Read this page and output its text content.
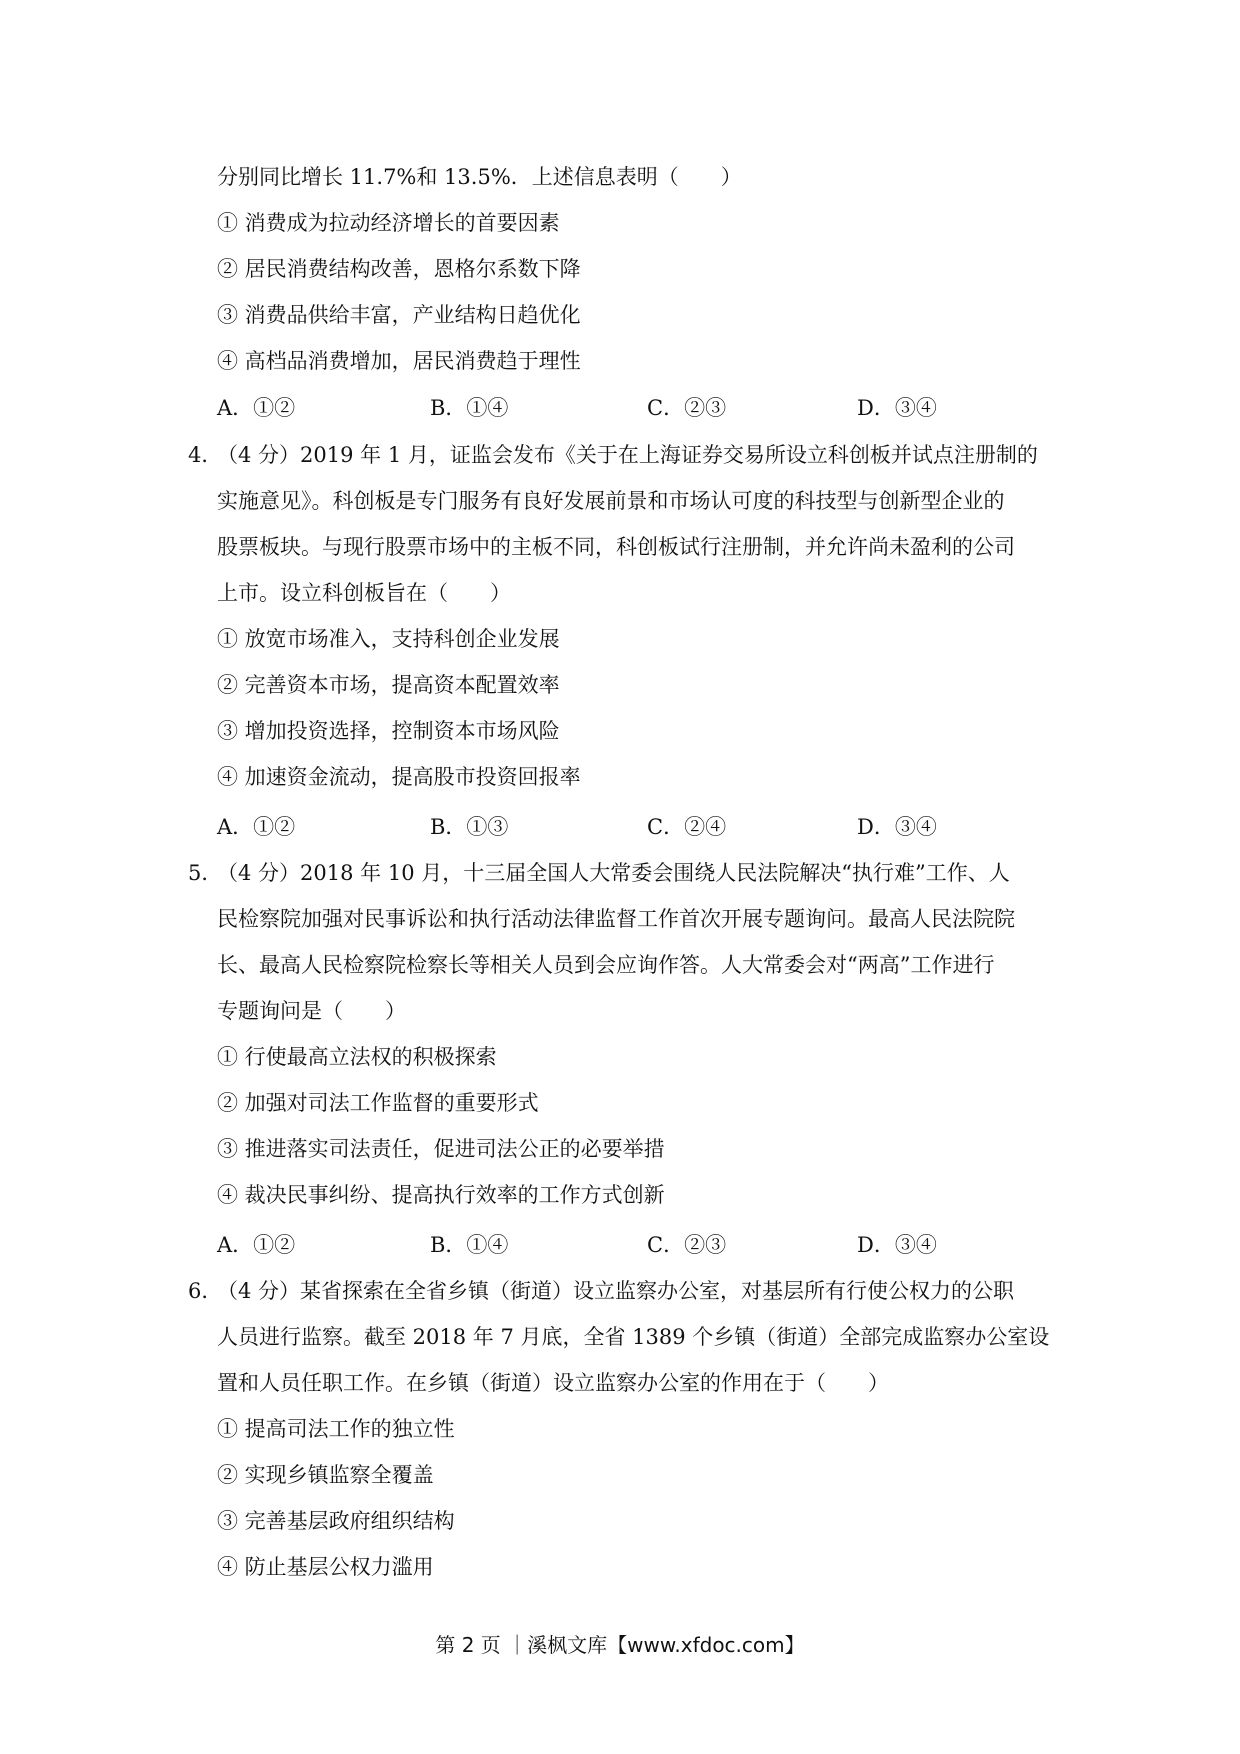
分别同比增长 11.7%和 13.5%．上述信息表明（　　）
① 消费成为拉动经济增长的首要因素
② 居民消费结构改善，恩格尔系数下降
③ 消费品供给丰富，产业结构日趋优化
④ 高档品消费增加，居民消费趋于理性
A．①②	B．①④	C．②③	D．③④
4．
（4 分）2019 年 1 月，证监会发布《关于在上海证券交易所设立科创板并试点注册制的
实施意见》。科创板是专门服务有良好发展前景和市场认可度的科技型与创新型企业的
股票板块。与现行股票市场中的主板不同，科创板试行注册制，并允许尚未盈利的公司
上市。设立科创板旨在（　　）
① 放宽市场准入，支持科创企业发展
② 完善资本市场，提高资本配置效率
③ 增加投资选择，控制资本市场风险
④ 加速资金流动，提高股市投资回报率
A．①②	B．①③	C．②④	D．③④
5．
（4 分）2018 年 10 月，十三届全国人大常委会围绕人民法院解决“执行难”工作、人
民检察院加强对民事诉讼和执行活动法律监督工作首次开展专题询问。最高人民法院院
长、最高人民检察院检察长等相关人员到会应询作答。人大常委会对“两高”工作进行
专题询问是（　　）
① 行使最高立法权的积极探索
② 加强对司法工作监督的重要形式
③ 推进落实司法责任，促进司法公正的必要举措
④ 裁决民事纠纷、提高执行效率的工作方式创新
A．①②	B．①④	C．②③	D．③④
6．
（4 分）某省探索在全省乡镇（街道）设立监察办公室，对基层所有行使公权力的公职
人员进行监察。截至 2018 年 7 月底，全省 1389 个乡镇（街道）全部完成监察办公室设
置和人员任职工作。在乡镇（街道）设立监察办公室的作用在于（　　）
① 提高司法工作的独立性
② 实现乡镇监察全覆盖
③ 完善基层政府组织结构
④ 防止基层公权力滥用
第 2 页 ｜溪枫文库【www.xfdoc.com】
